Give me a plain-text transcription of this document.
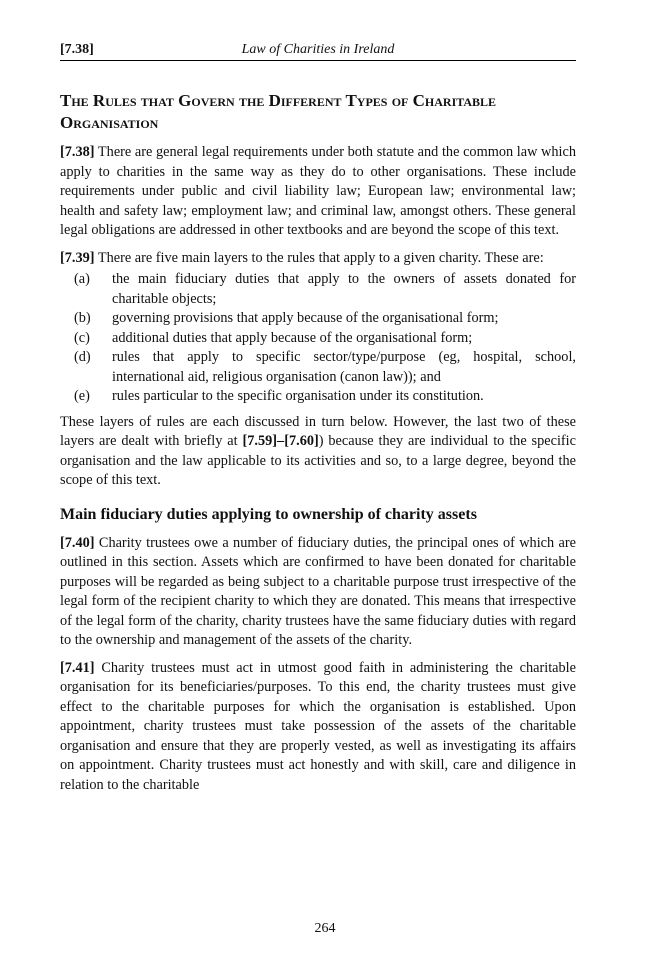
[7.38]	Law of Charities in Ireland
The Rules that Govern the Different Types of Charitable Organisation

[7.38] There are general legal requirements under both statute and the common law which apply to charities in the same way as they do to other organisations. These include requirements under public and civil liability law; European law; environmental law; health and safety law; employment law; and criminal law, amongst others. These general legal obligations are addressed in other textbooks and are beyond the scope of this text.

[7.39] There are five main layers to the rules that apply to a given charity. These are:

(a) the main fiduciary duties that apply to the owners of assets donated for charitable objects;
(b) governing provisions that apply because of the organisational form;
(c) additional duties that apply because of the organisational form;
(d) rules that apply to specific sector/type/purpose (eg, hospital, school, international aid, religious organisation (canon law)); and
(e) rules particular to the specific organisation under its constitution.

These layers of rules are each discussed in turn below. However, the last two of these layers are dealt with briefly at [7.59]–[7.60]) because they are individual to the specific organisation and the law applicable to its activities and so, to a large degree, beyond the scope of this text.

Main fiduciary duties applying to ownership of charity assets

[7.40] Charity trustees owe a number of fiduciary duties, the principal ones of which are outlined in this section. Assets which are confirmed to have been donated for charitable purposes will be regarded as being subject to a charitable purpose trust irrespective of the legal form of the recipient charity to which they are donated. This means that irrespective of the legal form of the charity, charity trustees have the same fiduciary duties with regard to the ownership and management of the assets of the charity.

[7.41] Charity trustees must act in utmost good faith in administering the charitable organisation for its beneficiaries/purposes. To this end, the charity trustees must give effect to the charitable purposes for which the organisation is established. Upon appointment, charity trustees must take possession of the assets of the charitable organisation and ensure that they are properly vested, as well as investigating its affairs on appointment. Charity trustees must act honestly and with skill, care and diligence in relation to the charitable

264
